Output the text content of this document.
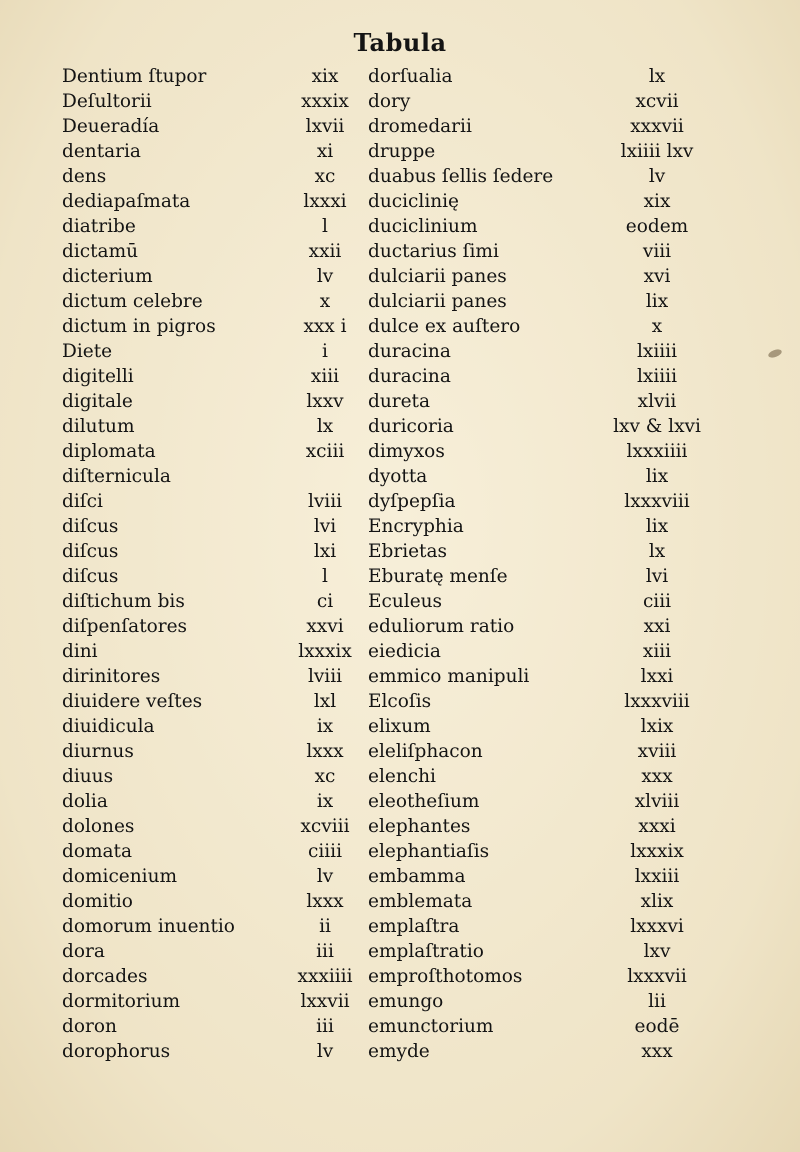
Tabula
Dentium ſtupor	xix
Deſultorii	xxxix
Deueradía	lxvii
dentaria	xi
dens	xc
dediapaſmata	lxxxi
diatribe	l
dictamū	xxii
dicterium	lv
dictum celebre	x
dictum in pigros	xxx i
Diete	i
digitelli	xiii
digitale	lxxv
dilutum	lx
diplomata	xciii
diſternicula
diſci	lviii
diſcus	lvi
diſcus	lxi
diſcus	l
diſtichum bis	ci
diſpenſatores	xxvi
dini	lxxxix
dirinitores	lviii
diuidere veſtes	lxl
diuidicula	ix
diurnus	lxxx
diuus	xc
dolia	ix
dolones	xcviii
domata	ciiii
domicenium	lv
domitio	lxxx
domorum inuentio	ii
dora	iii
dorcades	xxxiiii
dormitorium	lxxvii
doron	iii
dorophorus	lv
dorſualia	lx
dory	xcvii
dromedarii	xxxvii
druppe	lxiiii lxv
duabus ſellis ſedere	lv
duciclinię	xix
duciclinium	eodem
ductarius ſimi	viii
dulciarii panes	xvi
dulciarii panes	lix
dulce ex auſtero	x
duracina	lxiiii
duracina	lxiiii
dureta	xlvii
duricoria	lxv & lxvi
dimyxos	lxxxiiii
dyotta	lix
dyſpepſia	lxxxviii
Encryphia	lix
Ebrietas	lx
Eburatę menſe	lvi
Eculeus	ciii
eduliorum ratio	xxi
eiedicia	xiii
emmico manipuli	lxxi
Elcoſis	lxxxviii
elixum	lxix
eleliſphacon	xviii
elenchi	xxx
eleotheſium	xlviii
elephantes	xxxi
elephantiaſis	lxxxix
embamma	lxxiii
emblemata	xlix
emplaſtra	lxxxvi
emplaſtratio	lxv
emproſthotomos	lxxxvii
emungo	lii
emunctorium	eodē
emyde	xxx
